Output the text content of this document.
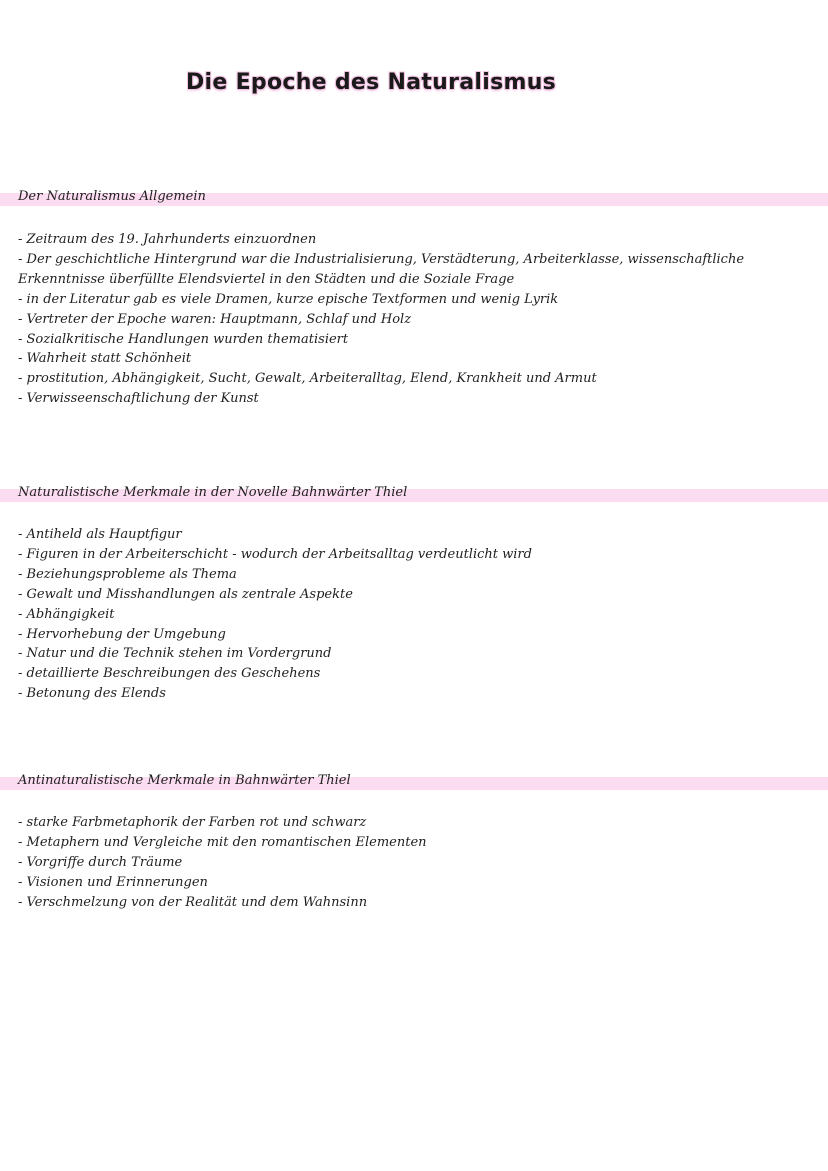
Die Epoche des Naturalismus
Der Naturalismus Allgemein
- Zeitraum des 19. Jahrhunderts einzuordnen
- Der geschichtliche Hintergrund war die Industrialisierung, Verstädterung, Arbeiterklasse, wissenschaftliche Erkenntnisse überfüllte Elendsviertel in den Städten und die Soziale Frage
- in der Literatur gab es viele Dramen, kurze epische Textformen und wenig Lyrik
- Vertreter der Epoche waren: Hauptmann, Schlaf und Holz
- Sozialkritische Handlungen wurden thematisiert
- Wahrheit statt Schönheit
- prostitution, Abhängigkeit, Sucht, Gewalt, Arbeiteralltag, Elend, Krankheit und Armut
- Verwisseenschaftlichung der Kunst
Naturalistische Merkmale in der Novelle Bahnwärter Thiel
- Antiheld als Hauptfigur
- Figuren in der Arbeiterschicht - wodurch der Arbeitsalltag verdeutlicht wird
- Beziehungsprobleme als Thema
- Gewalt und Misshandlungen als zentrale Aspekte
- Abhängigkeit
- Hervorhebung der Umgebung
- Natur und die Technik stehen im Vordergrund
- detaillierte Beschreibungen des Geschehens
- Betonung des Elends
Antinaturalistische Merkmale in Bahnwärter Thiel
- starke Farbmetaphorik der Farben rot und schwarz
- Metaphern und Vergleiche mit den romantischen Elementen
- Vorgriffe durch Träume
- Visionen und Erinnerungen
- Verschmelzung von der Realität und dem Wahnsinn
